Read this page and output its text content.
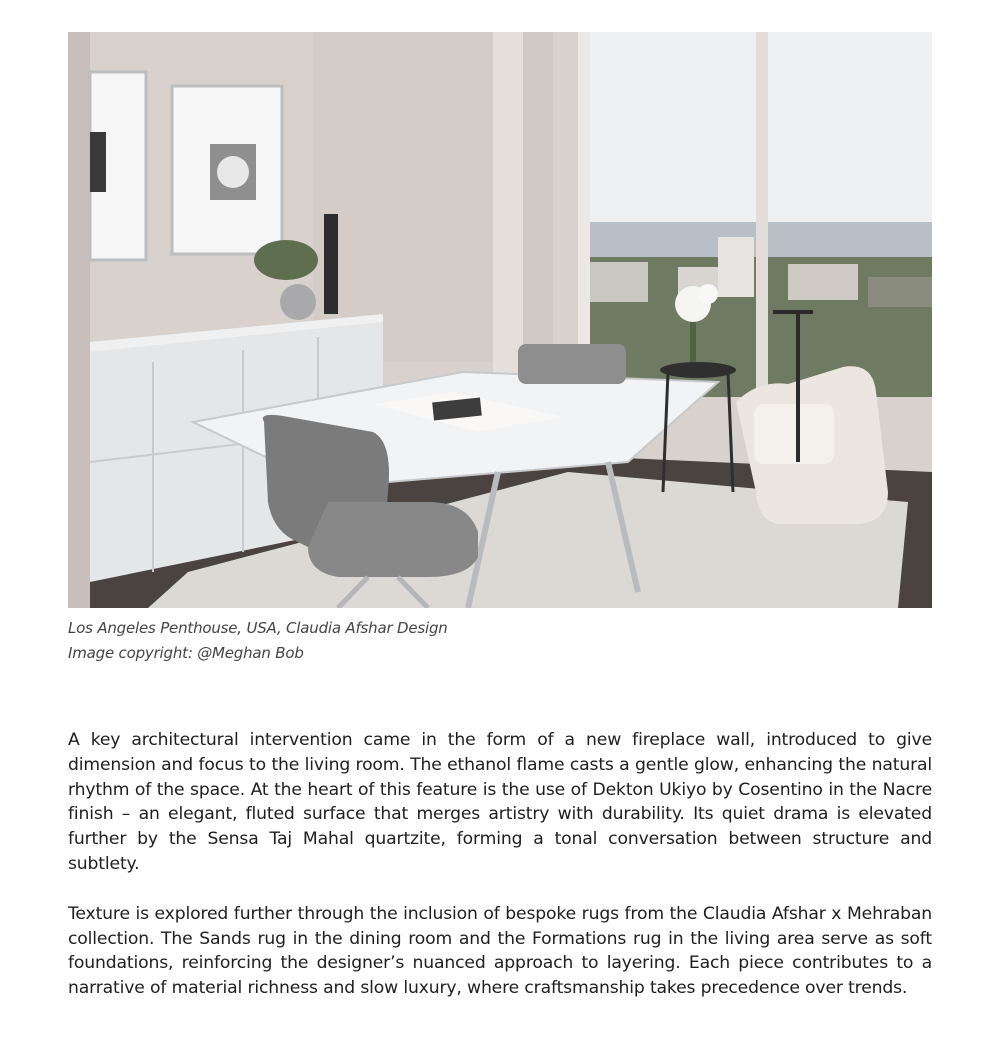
Los Angeles Penthouse, USA, Claudia Afshar Design
Image copyright: @Meghan Bob

A key architectural intervention came in the form of a new fireplace wall, introduced to give dimension and focus to the living room. The ethanol flame casts a gentle glow, enhancing the natural rhythm of the space. At the heart of this feature is the use of Dekton Ukiyo by Cosentino in the Nacre finish – an elegant, fluted surface that merges artistry with durability. Its quiet drama is elevated further by the Sensa Taj Mahal quartzite, forming a tonal conversation between structure and subtlety.

Texture is explored further through the inclusion of bespoke rugs from the Claudia Afshar x Mehraban collection. The Sands rug in the dining room and the Formations rug in the living area serve as soft foundations, reinforcing the designer’s nuanced approach to layering. Each piece contributes to a narrative of material richness and slow luxury, where craftsmanship takes precedence over trends.
